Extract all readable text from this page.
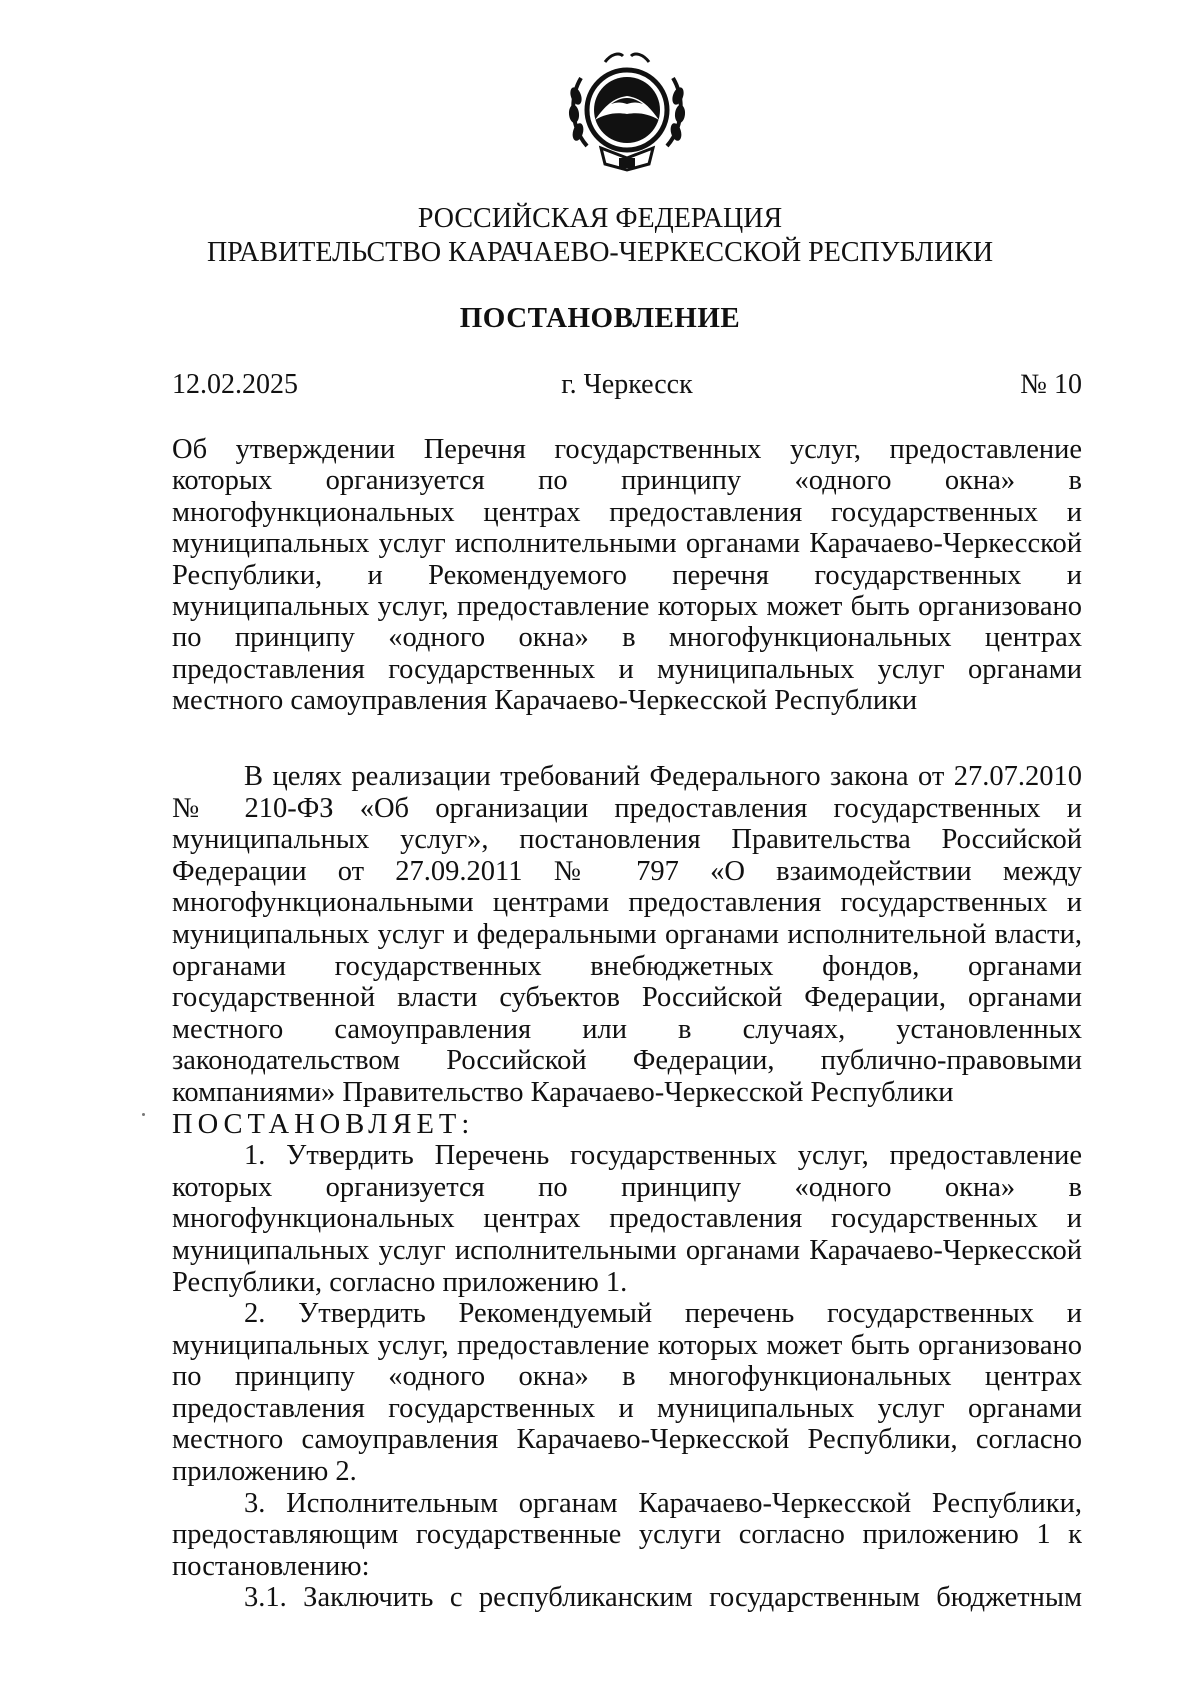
РОССИЙСКАЯ ФЕДЕРАЦИЯ
ПРАВИТЕЛЬСТВО КАРАЧАЕВО-ЧЕРКЕССКОЙ РЕСПУБЛИКИ
ПОСТАНОВЛЕНИЕ
12.02.2025	г. Черкесск	№ 10
Об утверждении Перечня государственных услуг, предоставление которых организуется по принципу «одного окна» в многофункциональных центрах предоставления государственных и муниципальных услуг исполнительными органами Карачаево-Черкесской Республики, и Рекомендуемого перечня государственных и муниципальных услуг, предоставление которых может быть организовано по принципу «одного окна» в многофункциональных центрах предоставления государственных и муниципальных услуг органами местного самоуправления Карачаево-Черкесской Республики

В целях реализации требований Федерального закона от 27.07.2010 № 210-ФЗ «Об организации предоставления государственных и муниципальных услуг», постановления Правительства Российской Федерации от 27.09.2011 № 797 «О взаимодействии между многофункциональными центрами предоставления государственных и муниципальных услуг и федеральными органами исполнительной власти, органами государственных внебюджетных фондов, органами государственной власти субъектов Российской Федерации, органами местного самоуправления или в случаях, установленных законодательством Российской Федерации, публично-правовыми компаниями» Правительство Карачаево-Черкесской Республики

ПОСТАНОВЛЯЕТ:

1. Утвердить Перечень государственных услуг, предоставление которых организуется по принципу «одного окна» в многофункциональных центрах предоставления государственных и муниципальных услуг исполнительными органами Карачаево-Черкесской Республики, согласно приложению 1.

2. Утвердить Рекомендуемый перечень государственных и муниципальных услуг, предоставление которых может быть организовано по принципу «одного окна» в многофункциональных центрах предоставления государственных и муниципальных услуг органами местного самоуправления Карачаево-Черкесской Республики, согласно приложению 2.

3. Исполнительным органам Карачаево-Черкесской Республики, предоставляющим государственные услуги согласно приложению 1 к постановлению:

3.1. Заключить с республиканским государственным бюджетным
